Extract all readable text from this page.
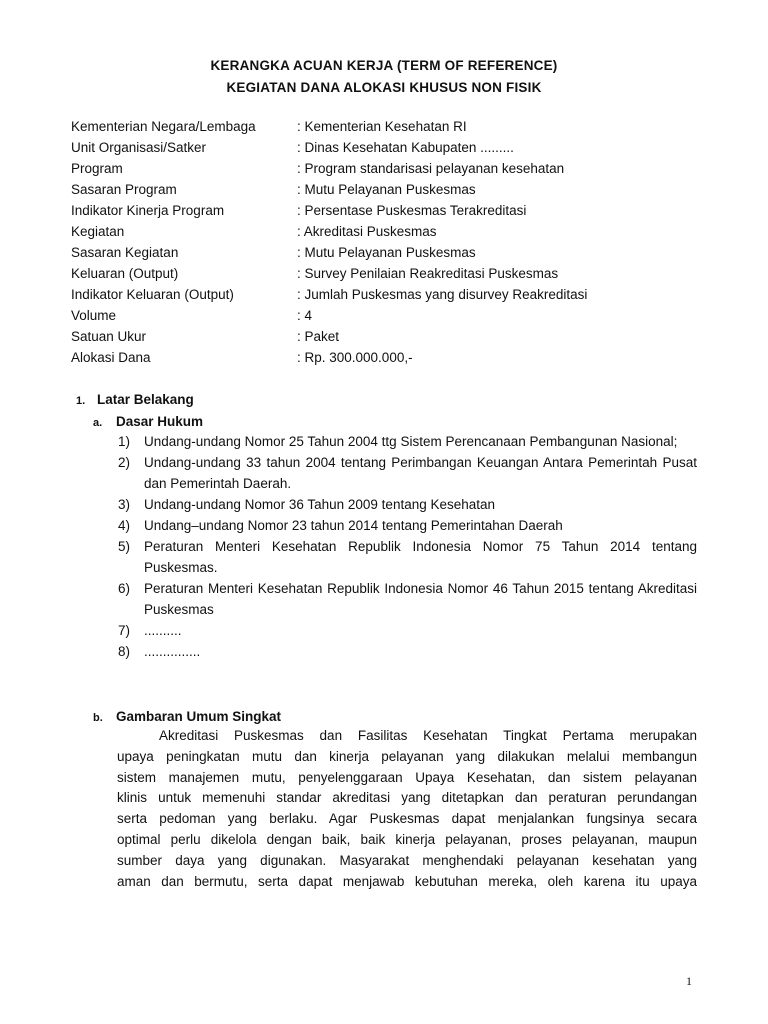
KERANGKA ACUAN KERJA (TERM OF REFERENCE)
KEGIATAN DANA ALOKASI KHUSUS NON FISIK
Kementerian Negara/Lembaga	: Kementerian Kesehatan RI
Unit Organisasi/Satker	: Dinas Kesehatan Kabupaten .........
Program	: Program standarisasi pelayanan kesehatan
Sasaran Program	: Mutu Pelayanan Puskesmas
Indikator Kinerja Program	: Persentase Puskesmas Terakreditasi
Kegiatan	: Akreditasi Puskesmas
Sasaran Kegiatan	: Mutu Pelayanan Puskesmas
Keluaran (Output)	: Survey Penilaian Reakreditasi Puskesmas
Indikator Keluaran (Output)	: Jumlah Puskesmas yang disurvey Reakreditasi
Volume	: 4
Satuan Ukur	: Paket
Alokasi Dana	: Rp. 300.000.000,-
1. Latar Belakang
a. Dasar Hukum
1) Undang-undang Nomor 25 Tahun 2004 ttg Sistem Perencanaan Pembangunan Nasional;
2) Undang-undang 33 tahun 2004 tentang Perimbangan Keuangan Antara Pemerintah Pusat dan Pemerintah Daerah.
3) Undang-undang Nomor 36 Tahun 2009 tentang Kesehatan
4) Undang–undang Nomor 23 tahun 2014 tentang Pemerintahan Daerah
5) Peraturan Menteri Kesehatan Republik Indonesia Nomor 75 Tahun 2014 tentang Puskesmas.
6) Peraturan Menteri Kesehatan Republik Indonesia Nomor 46 Tahun 2015 tentang Akreditasi Puskesmas
7) ..........
8) ...............
b. Gambaran Umum Singkat
Akreditasi Puskesmas dan Fasilitas Kesehatan Tingkat Pertama merupakan
upaya peningkatan mutu dan kinerja pelayanan yang dilakukan melalui membangun
sistem manajemen mutu, penyelenggaraan Upaya Kesehatan, dan sistem pelayanan
klinis untuk memenuhi standar akreditasi yang ditetapkan dan peraturan perundangan
serta pedoman yang berlaku. Agar Puskesmas dapat menjalankan fungsinya secara
optimal perlu dikelola dengan baik, baik kinerja pelayanan, proses pelayanan, maupun
sumber daya yang digunakan. Masyarakat menghendaki pelayanan kesehatan yang
aman dan bermutu, serta dapat menjawab kebutuhan mereka, oleh karena itu upaya
1
